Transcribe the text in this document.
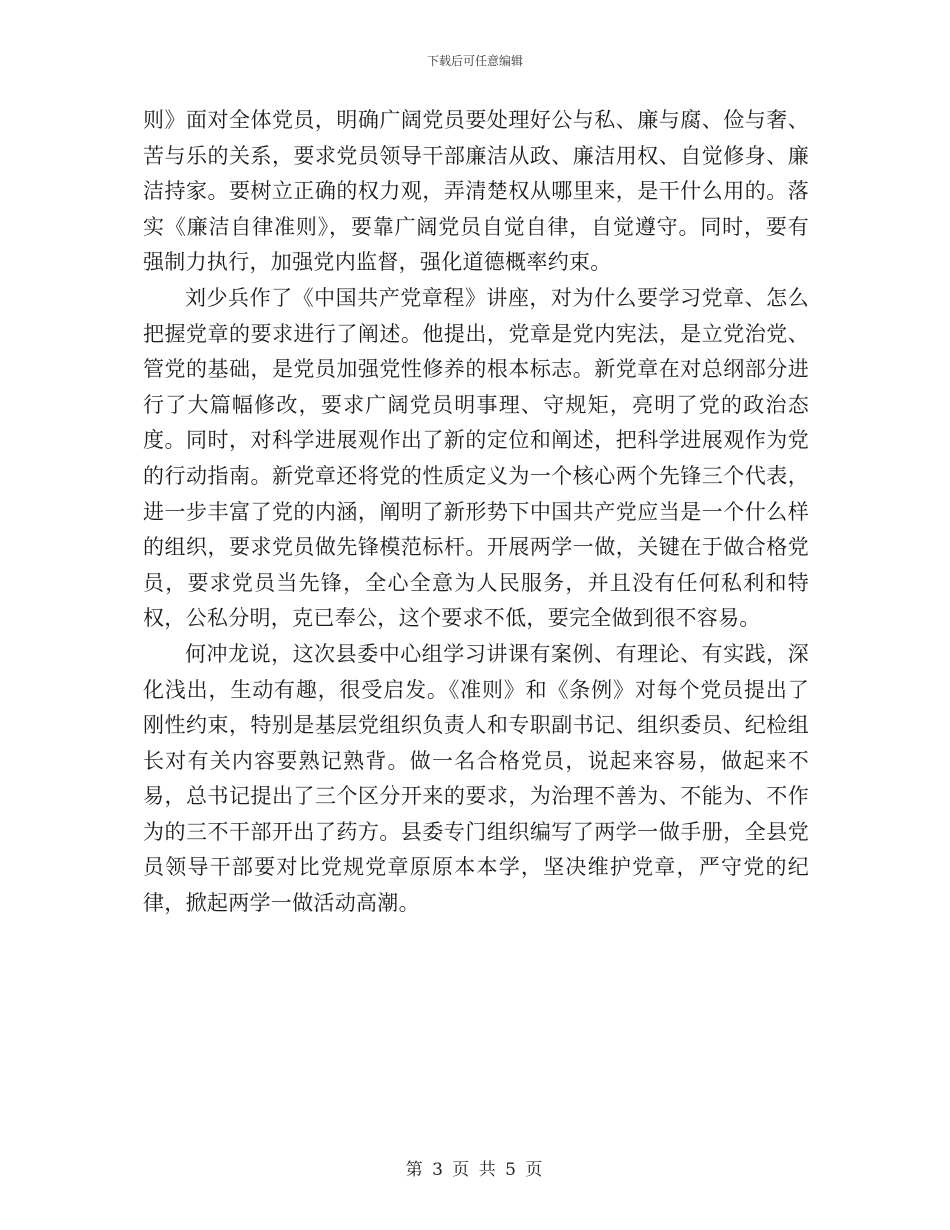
下载后可任意编辑

则》面对全体党员，明确广阔党员要处理好公与私、廉与腐、俭与奢、苦与乐的关系，要求党员领导干部廉洁从政、廉洁用权、自觉修身、廉洁持家。要树立正确的权力观，弄清楚权从哪里来，是干什么用的。落实《廉洁自律准则》，要靠广阔党员自觉自律，自觉遵守。同时，要有强制力执行，加强党内监督，强化道德概率约束。

刘少兵作了《中国共产党章程》讲座，对为什么要学习党章、怎么把握党章的要求进行了阐述。他提出，党章是党内宪法，是立党治党、管党的基础，是党员加强党性修养的根本标志。新党章在对总纲部分进行了大篇幅修改，要求广阔党员明事理、守规矩，亮明了党的政治态度。同时，对科学进展观作出了新的定位和阐述，把科学进展观作为党的行动指南。新党章还将党的性质定义为一个核心两个先锋三个代表，进一步丰富了党的内涵，阐明了新形势下中国共产党应当是一个什么样的组织，要求党员做先锋模范标杆。开展两学一做，关键在于做合格党员，要求党员当先锋，全心全意为人民服务，并且没有任何私利和特权，公私分明，克已奉公，这个要求不低，要完全做到很不容易。

何冲龙说，这次县委中心组学习讲课有案例、有理论、有实践，深化浅出，生动有趣，很受启发。《准则》和《条例》对每个党员提出了刚性约束，特别是基层党组织负责人和专职副书记、组织委员、纪检组长对有关内容要熟记熟背。做一名合格党员，说起来容易，做起来不易，总书记提出了三个区分开来的要求，为治理不善为、不能为、不作为的三不干部开出了药方。县委专门组织编写了两学一做手册，全县党员领导干部要对比党规党章原原本本学，坚决维护党章，严守党的纪律，掀起两学一做活动高潮。

第 3 页 共 5 页
